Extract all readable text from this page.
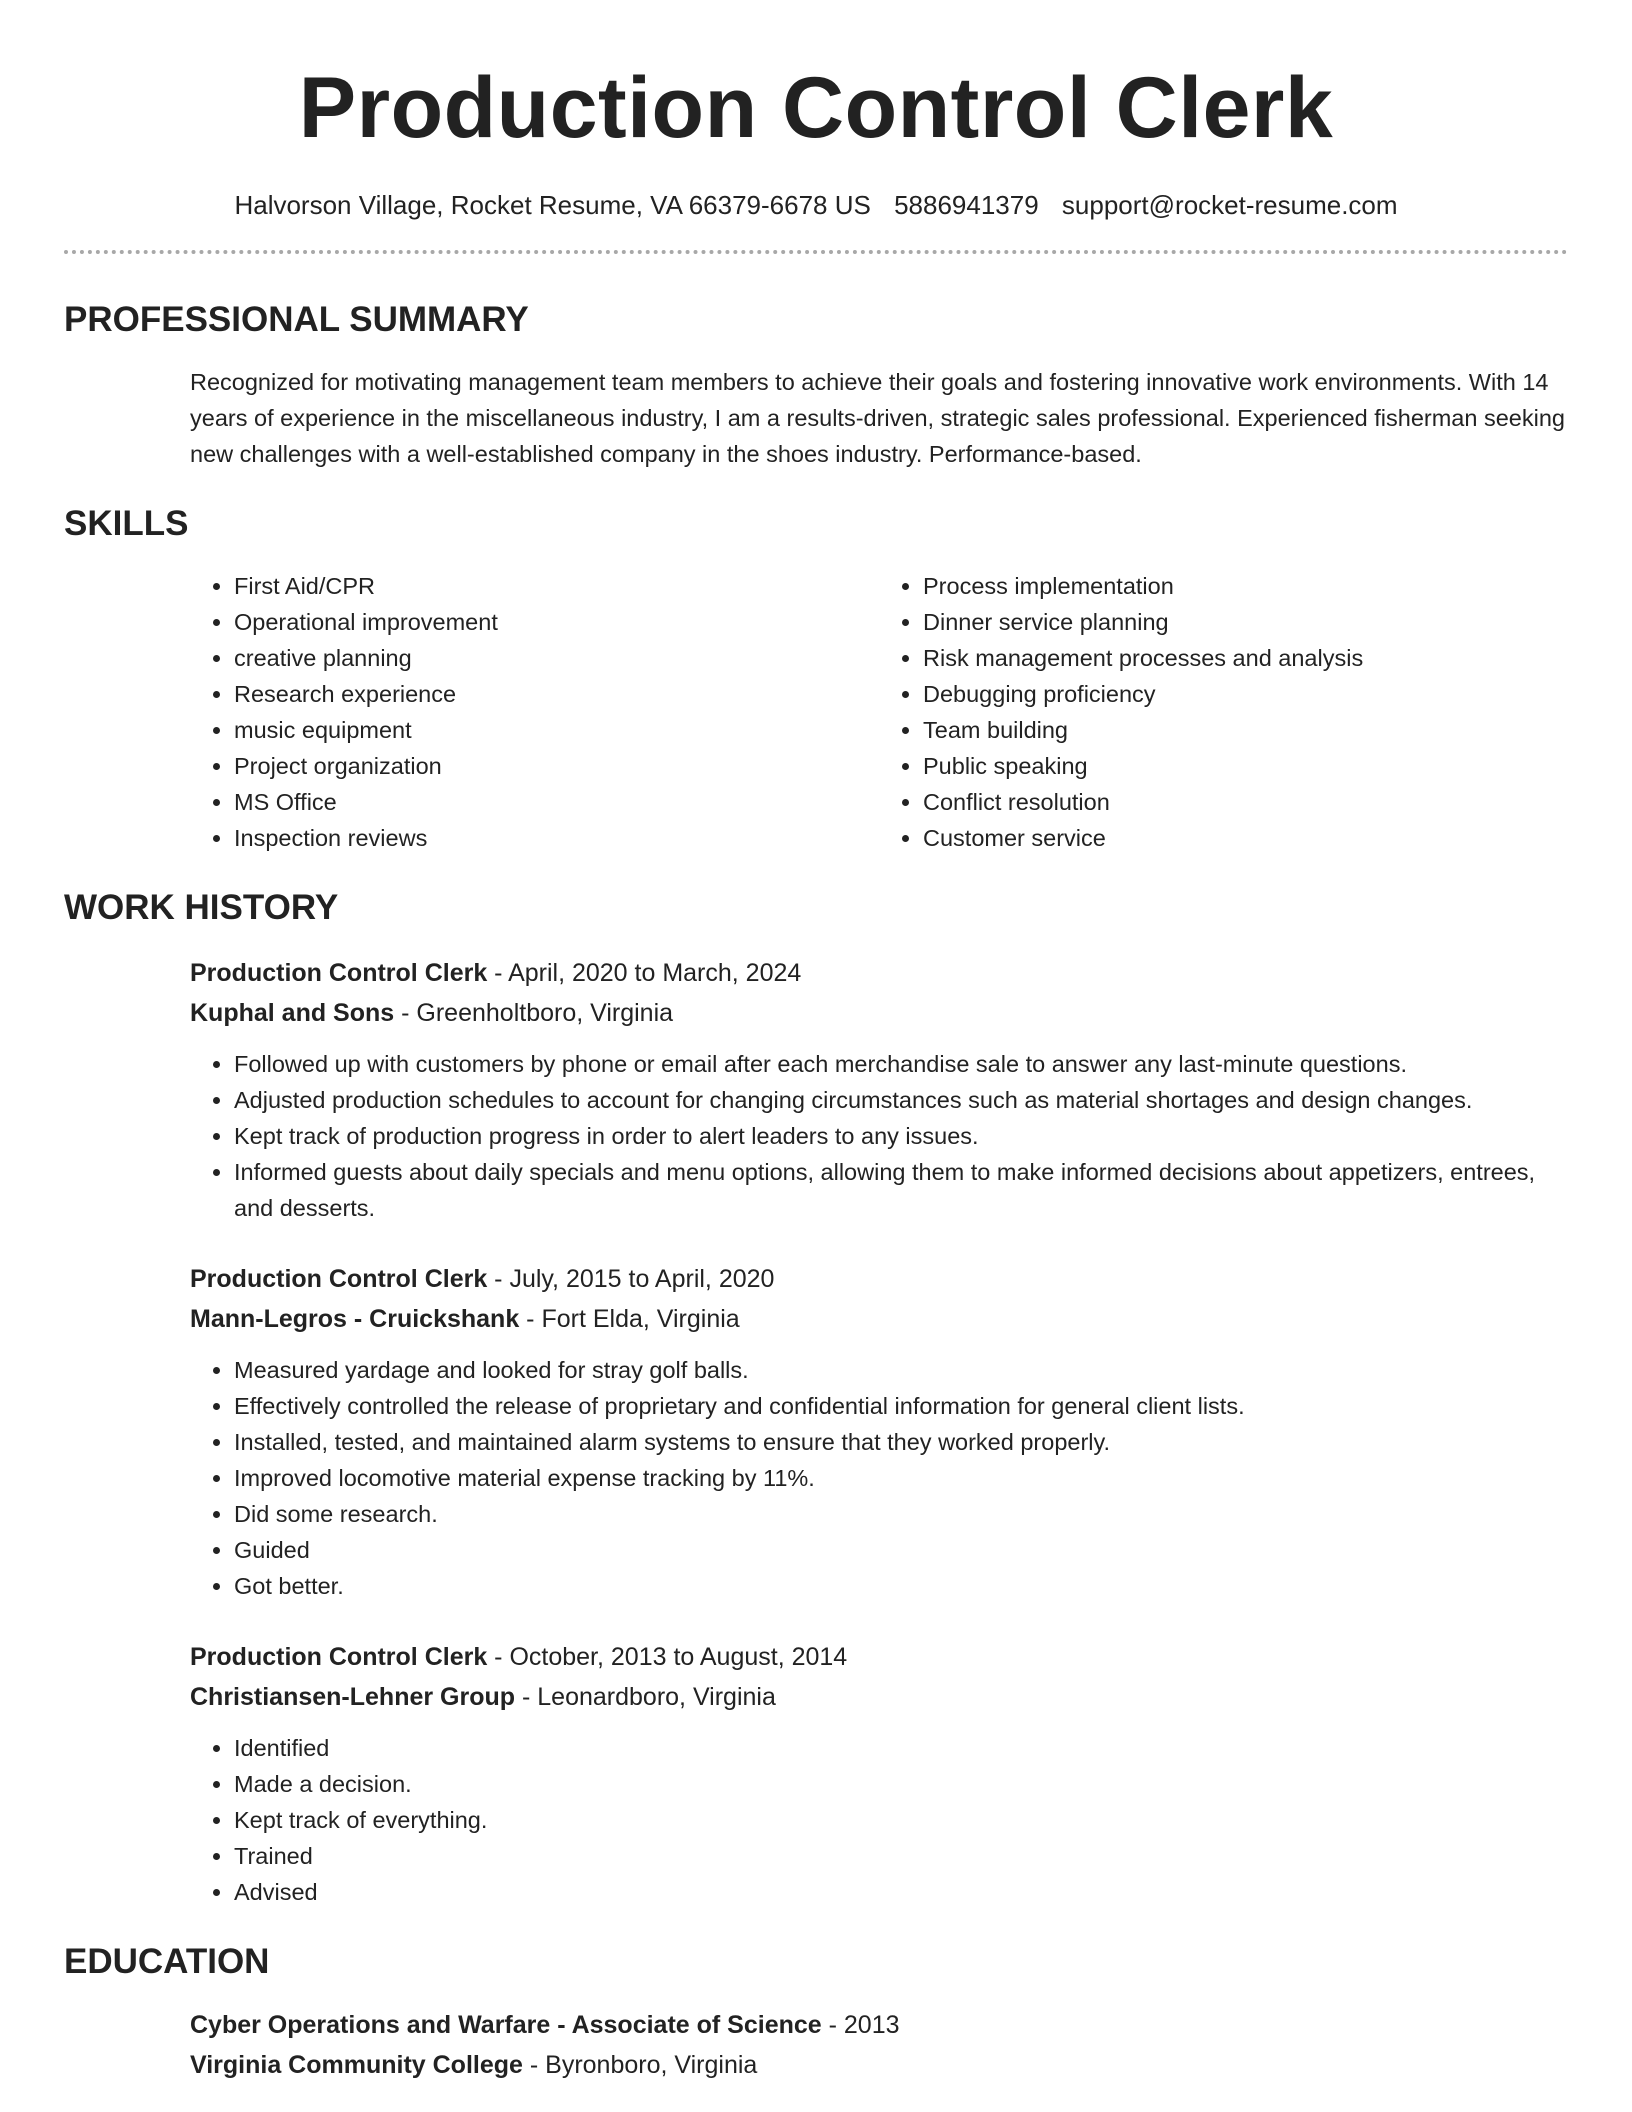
Production Control Clerk
Halvorson Village, Rocket Resume, VA 66379-6678 US 5886941379 support@rocket-resume.com
PROFESSIONAL SUMMARY
Recognized for motivating management team members to achieve their goals and fostering innovative work environments. With 14 years of experience in the miscellaneous industry, I am a results-driven, strategic sales professional. Experienced fisherman seeking new challenges with a well-established company in the shoes industry. Performance-based.
SKILLS
• First Aid/CPR
• Operational improvement
• creative planning
• Research experience
• music equipment
• Project organization
• MS Office
• Inspection reviews
• Process implementation
• Dinner service planning
• Risk management processes and analysis
• Debugging proficiency
• Team building
• Public speaking
• Conflict resolution
• Customer service
WORK HISTORY
Production Control Clerk - April, 2020 to March, 2024
Kuphal and Sons - Greenholtboro, Virginia
• Followed up with customers by phone or email after each merchandise sale to answer any last-minute questions.
• Adjusted production schedules to account for changing circumstances such as material shortages and design changes.
• Kept track of production progress in order to alert leaders to any issues.
• Informed guests about daily specials and menu options, allowing them to make informed decisions about appetizers, entrees, and desserts.
Production Control Clerk - July, 2015 to April, 2020
Mann-Legros - Cruickshank - Fort Elda, Virginia
• Measured yardage and looked for stray golf balls.
• Effectively controlled the release of proprietary and confidential information for general client lists.
• Installed, tested, and maintained alarm systems to ensure that they worked properly.
• Improved locomotive material expense tracking by 11%.
• Did some research.
• Guided
• Got better.
Production Control Clerk - October, 2013 to August, 2014
Christiansen-Lehner Group - Leonardboro, Virginia
• Identified
• Made a decision.
• Kept track of everything.
• Trained
• Advised
EDUCATION
Cyber Operations and Warfare - Associate of Science - 2013
Virginia Community College - Byronboro, Virginia
